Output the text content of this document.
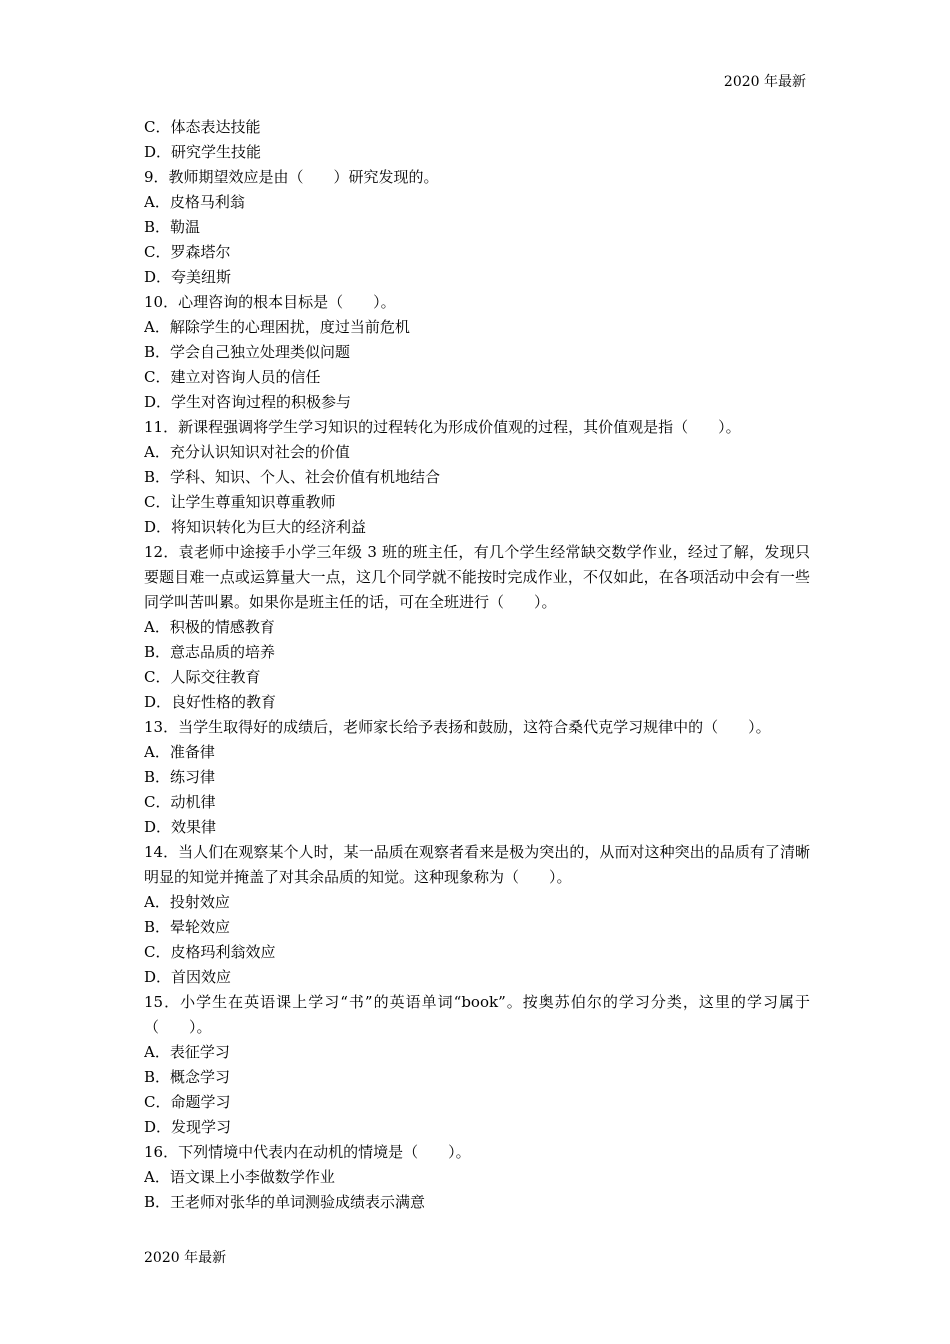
2020 年最新
C．体态表达技能
D．研究学生技能
9．教师期望效应是由（　　）研究发现的。
A．皮格马利翁
B．勒温
C．罗森塔尔
D．夸美纽斯
10．心理咨询的根本目标是（　　）。
A．解除学生的心理困扰，度过当前危机
B．学会自己独立处理类似问题
C．建立对咨询人员的信任
D．学生对咨询过程的积极参与
11．新课程强调将学生学习知识的过程转化为形成价值观的过程，其价值观是指（　　）。
A．充分认识知识对社会的价值
B．学科、知识、个人、社会价值有机地结合
C．让学生尊重知识尊重教师
D．将知识转化为巨大的经济利益
12．袁老师中途接手小学三年级 3 班的班主任，有几个学生经常缺交数学作业，经过了解，发现只要题目难一点或运算量大一点，这几个同学就不能按时完成作业，不仅如此，在各项活动中会有一些同学叫苦叫累。如果你是班主任的话，可在全班进行（　　）。
A．积极的情感教育
B．意志品质的培养
C．人际交往教育
D．良好性格的教育
13．当学生取得好的成绩后，老师家长给予表扬和鼓励，这符合桑代克学习规律中的（　　）。
A．准备律
B．练习律
C．动机律
D．效果律
14．当人们在观察某个人时，某一品质在观察者看来是极为突出的，从而对这种突出的品质有了清晰明显的知觉并掩盖了对其余品质的知觉。这种现象称为（　　）。
A．投射效应
B．晕轮效应
C．皮格玛利翁效应
D．首因效应
15．小学生在英语课上学习“书”的英语单词“book”。按奥苏伯尔的学习分类，这里的学习属于（　　）。
A．表征学习
B．概念学习
C．命题学习
D．发现学习
16．下列情境中代表内在动机的情境是（　　）。
A．语文课上小李做数学作业
B．王老师对张华的单词测验成绩表示满意
2020 年最新
